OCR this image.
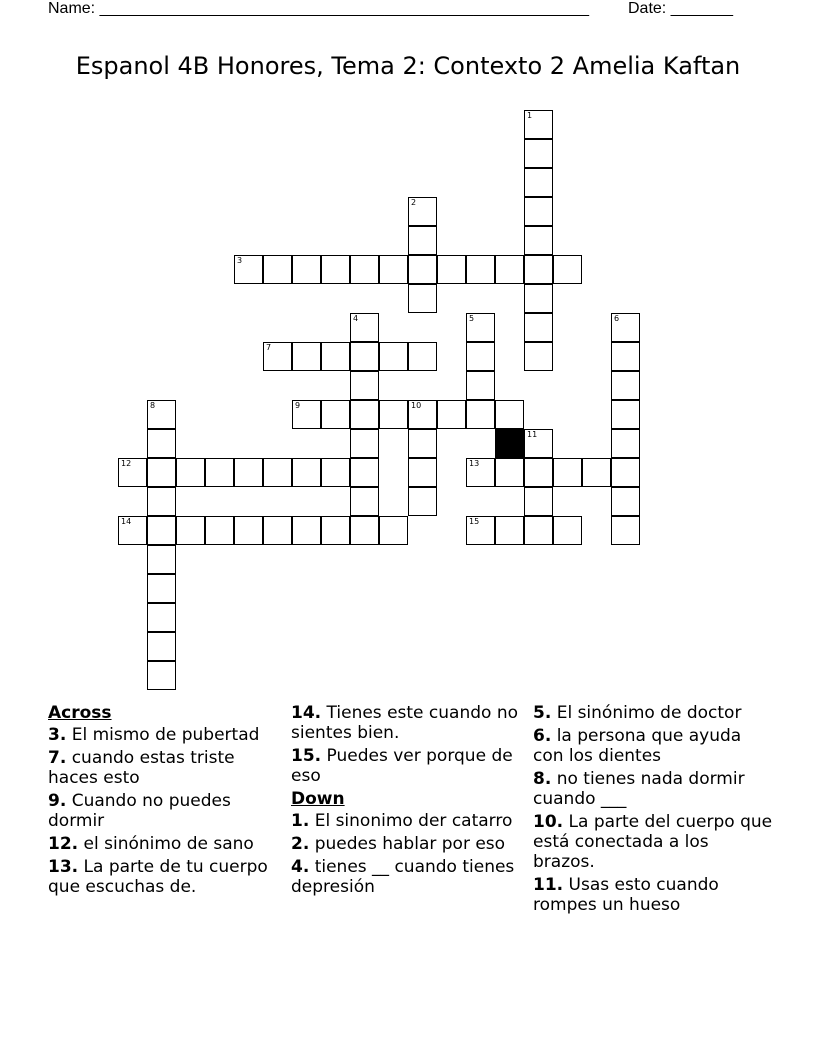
Name: _______________________________________________________ Date: _______
Espanol 4B Honores, Tema 2: Contexto 2 Amelia Kaftan
1
2
3
4	5
13
15
6
7
8	9	10
11
12
14
Across
3. El mismo de pubertad
7. cuando estas triste haces esto
9. Cuando no puedes dormir
12. el sinónimo de sano
13. La parte de tu cuerpo que escuchas de.
14. Tienes este cuando no sientes bien.
15. Puedes ver porque de eso
Down
1. El sinonimo der catarro
2. puedes hablar por eso
4. tienes __ cuando tienes depresión
5. El sinónimo de doctor
6. la persona que ayuda con los dientes
8. no tienes nada dormir cuando ___
10. La parte del cuerpo que está conectada a los brazos.
11. Usas esto cuando rompes un hueso
